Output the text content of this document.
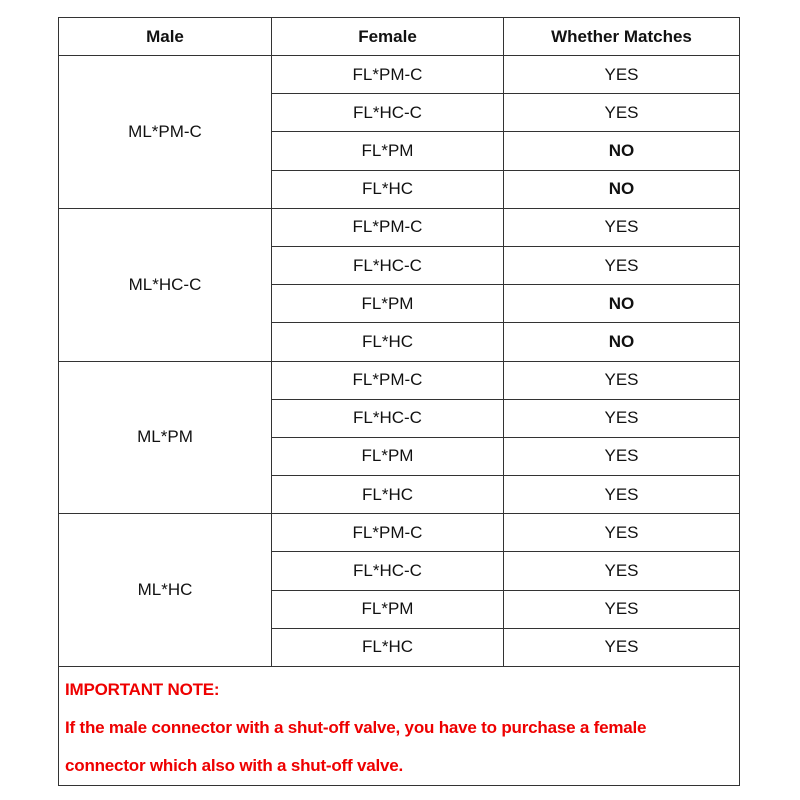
Male	Female	Whether Matches
ML*PM-C	FL*PM-C	YES
	FL*HC-C	YES
	FL*PM	NO
	FL*HC	NO
ML*HC-C	FL*PM-C	YES
	FL*HC-C	YES
	FL*PM	NO
	FL*HC	NO
ML*PM	FL*PM-C	YES
	FL*HC-C	YES
	FL*PM	YES
	FL*HC	YES
ML*HC	FL*PM-C	YES
	FL*HC-C	YES
	FL*PM	YES
	FL*HC	YES

IMPORTANT NOTE:
If the male connector with a shut-off valve, you have to purchase a female
connector which also with a shut-off valve.		
